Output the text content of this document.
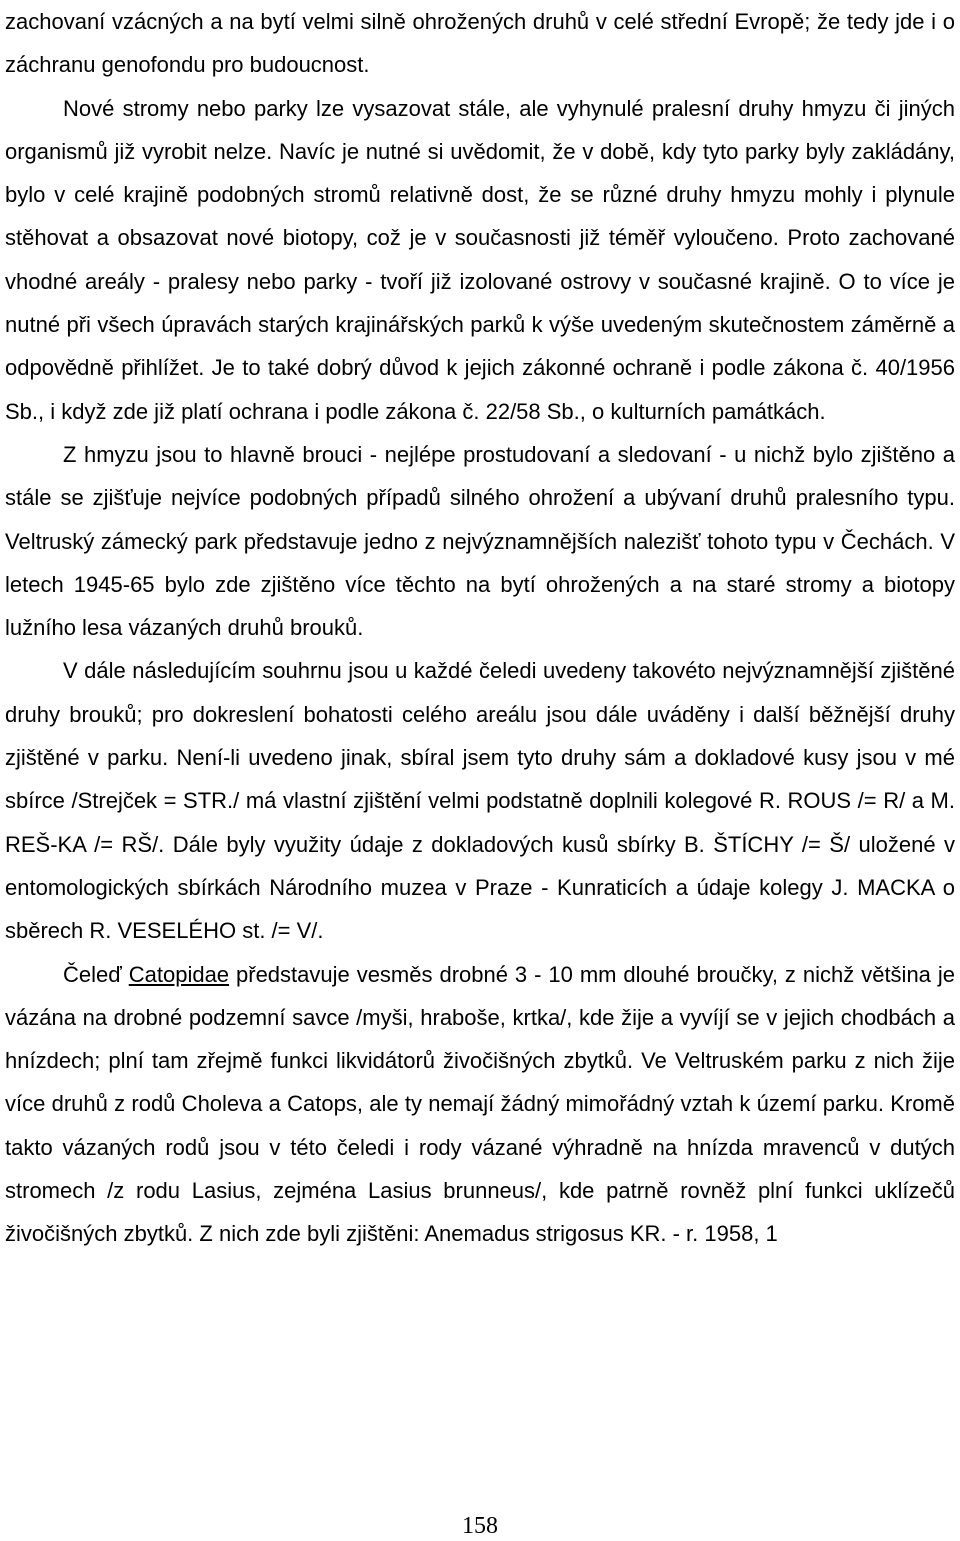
zachovaní vzácných a na bytí velmi silně ohrožených druhů v celé střední Evropě; že tedy jde i o záchranu genofondu pro budoucnost.

Nové stromy nebo parky lze vysazovat stále, ale vyhynulé pralesní druhy hmyzu či jiných organismů již vyrobit nelze. Navíc je nutné si uvědomit, že v době, kdy tyto parky byly zakládány, bylo v celé krajině podobných stromů relativně dost, že se různé druhy hmyzu mohly i plynule stěhovat a obsazovat nové biotopy, což je v současnosti již téměř vyloučeno. Proto zachované vhodné areály - pralesy nebo parky - tvoří již izolované ostrovy v současné krajině. O to více je nutné při všech úpravách starých krajinářských parků k výše uvedeným skutečnostem záměrně a odpovědně přihlížet. Je to také dobrý důvod k jejich zákonné ochraně i podle zákona č. 40/1956 Sb., i když zde již platí ochrana i podle zákona č. 22/58 Sb., o kulturních památkách.

Z hmyzu jsou to hlavně brouci - nejlépe prostudovaní a sledovaní - u nichž bylo zjištěno a stále se zjišťuje nejvíce podobných případů silného ohrožení a ubývaní druhů pralesního typu. Veltruský zámecký park představuje jedno z nejvýznamnějších nalezišť tohoto typu v Čechách. V letech 1945-65 bylo zde zjištěno více těchto na bytí ohrožených a na staré stromy a biotopy lužního lesa vázaných druhů brouků.

V dále následujícím souhrnu jsou u každé čeledi uvedeny takovéto nejvýznamnější zjištěné druhy brouků; pro dokreslení bohatosti celého areálu jsou dále uváděny i další běžnější druhy zjištěné v parku. Není-li uvedeno jinak, sbíral jsem tyto druhy sám a dokladové kusy jsou v mé sbírce /Strejček = STR./ má vlastní zjištění velmi podstatně doplnili kolegové R. ROUS /= R/ a M. REŠ-KA /= RŠ/. Dále byly využity údaje z dokladových kusů sbírky B. ŠTÍCHY /= Š/ uložené v entomologických sbírkách Národního muzea v Praze - Kunraticích a údaje kolegy J. MACKA o sběrech R. VESELÉHO st. /= V/.

Čeleď Catopidae představuje vesměs drobné 3 - 10 mm dlouhé broučky, z nichž většina je vázána na drobné podzemní savce /myši, hraboše, krtka/, kde žije a vyvíjí se v jejich chodbách a hnízdech; plní tam zřejmě funkci likvidátorů živočišných zbytků. Ve Veltruském parku z nich žije více druhů z rodů Choleva a Catops, ale ty nemají žádný mimořádný vztah k území parku. Kromě takto vázaných rodů jsou v této čeledi i rody vázané výhradně na hnízda mravenců v dutých stromech /z rodu Lasius, zejména Lasius brunneus/, kde patrně rovněž plní funkci uklízečů živočišných zbytků. Z nich zde byli zjištěni: Anemadus strigosus KR. - r. 1958, 1

158
